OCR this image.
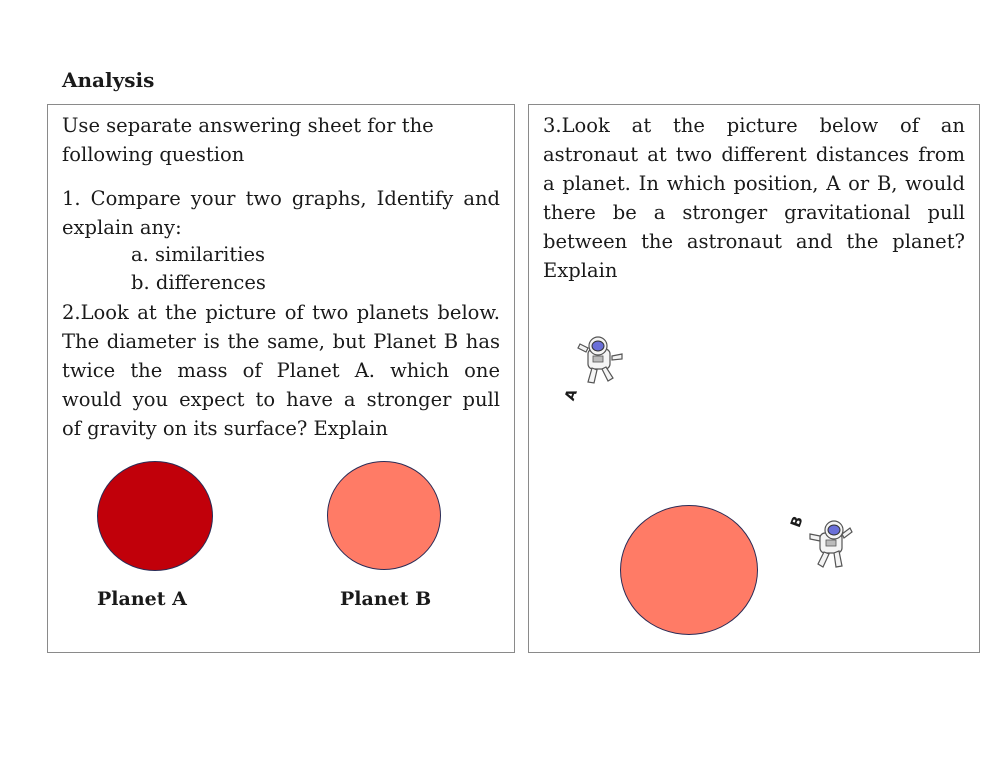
Analysis
Use separate answering sheet for the
following question
1. Compare your two graphs, Identify and
explain any:
a. similarities
b. differences
2.Look at the picture of two planets below.
The diameter is the same, but Planet B has
twice the mass of Planet A. which one
would you expect to have a stronger pull
of gravity on its surface? Explain
Planet A	Planet B
3.Look at the picture below of an
astronaut at two different distances from
a planet. In which position, A or B, would
there be a stronger gravitational pull
between the astronaut and the planet?
Explain
A
B
